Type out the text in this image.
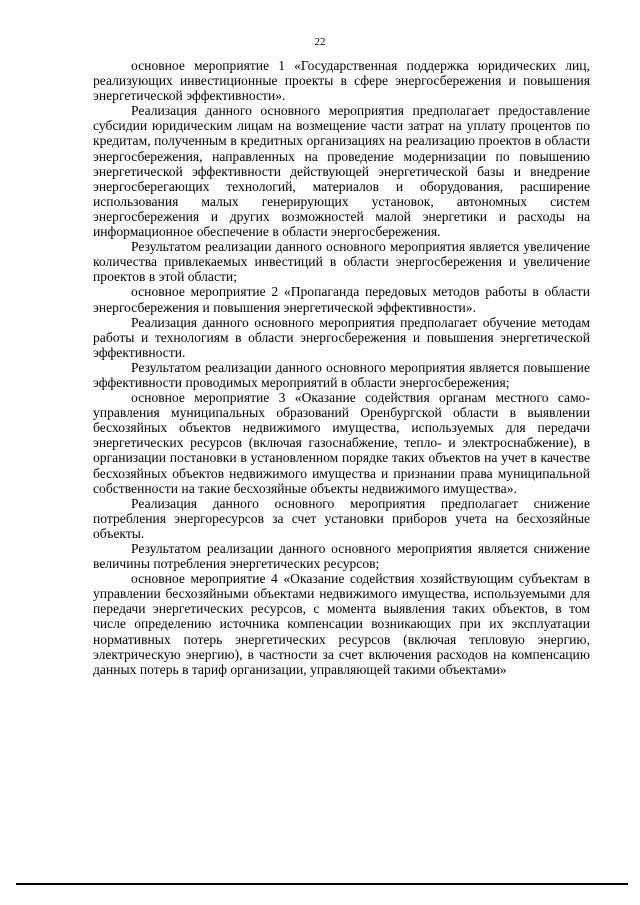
22

основное мероприятие 1 «Государственная поддержка юридических лиц, реализующих инвестиционные проекты в сфере энергосбережения и повышения энергетической эффективности».

Реализация данного основного мероприятия предполагает предоставление субсидии юридическим лицам на возмещение части затрат на уплату процентов по кредитам, полученным в кредитных организациях на реализацию проектов в области энергосбережения, направленных на проведение модернизации по повышению энергетической эффективности действующей энергетической базы и внедрение энергосберегающих технологий, материалов и оборудования, расширение использования малых генерирующих установок, автономных систем энергосбережения и других возможностей малой энергетики и расходы на информационное обеспечение в области энергосбережения.

Результатом реализации данного основного мероприятия является увеличение количества привлекаемых инвестиций в области энергосбережения и увеличение проектов в этой области;

основное мероприятие 2 «Пропаганда передовых методов работы в области энергосбережения и повышения энергетической эффективности».

Реализация данного основного мероприятия предполагает обучение методам работы и технологиям в области энергосбережения и повышения энергетической эффективности.

Результатом реализации данного основного мероприятия является повышение эффективности проводимых мероприятий в области энергосбережения;

основное мероприятие 3 «Оказание содействия органам местного самоуправления муниципальных образований Оренбургской области в выявлении бесхозяйных объектов недвижимого имущества, используемых для передачи энергетических ресурсов (включая газоснабжение, тепло- и электроснабжение), в организации постановки в установленном порядке таких объектов на учет в качестве бесхозяйных объектов недвижимого имущества и признании права муниципальной собственности на такие бесхозяйные объекты недвижимого имущества».

Реализация данного основного мероприятия предполагает снижение потребления энергоресурсов за счет установки приборов учета на бесхозяйные объекты.

Результатом реализации данного основного мероприятия является снижение величины потребления энергетических ресурсов;

основное мероприятие 4 «Оказание содействия хозяйствующим субъектам в управлении бесхозяйными объектами недвижимого имущества, используемыми для передачи энергетических ресурсов, с момента выявления таких объектов, в том числе определению источника компенсации возникающих при их эксплуатации нормативных потерь энергетических ресурсов (включая тепловую энергию, электрическую энергию), в частности за счет включения расходов на компенсацию данных потерь в тариф организации, управляющей такими объектами»
